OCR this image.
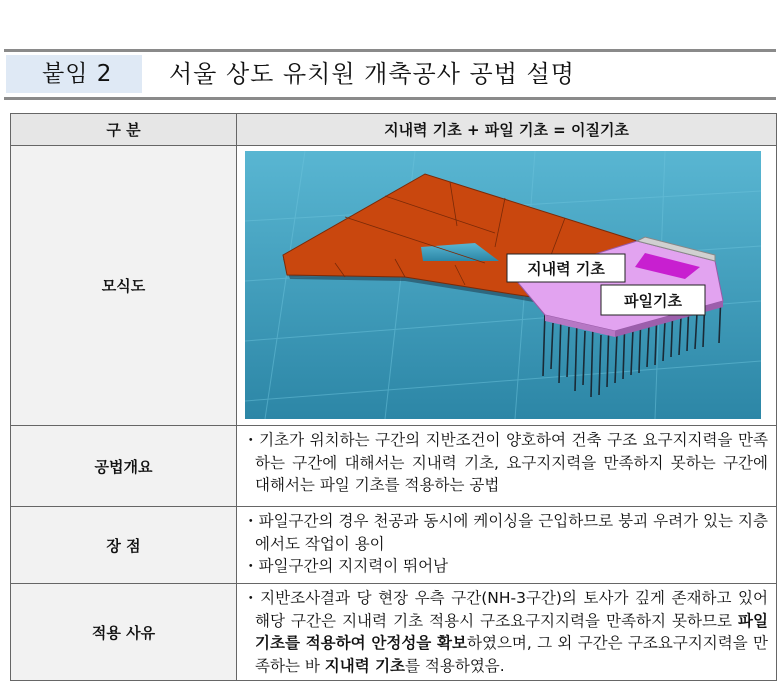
붙임 2	서울 상도 유치원 개축공사 공법 설명
구 분	지내력 기초 + 파일 기초 = 이질기초
모식도	지내력 기초
파일기초

공법개요	・기초가 위치하는 구간의 지반조건이 양호하여 건축 구조 요구지지력을 만족하는 구간에 대해서는 지내력 기초, 요구지지력을 만족하지 못하는 구간에 대해서는 파일 기초를 적용하는 공법

장 점	・파일구간의 경우 천공과 동시에 케이싱을 근입하므로 붕괴 우려가 있는 지층에서도 작업이 용이
・파일구간의 지지력이 뛰어남

적용 사유	・지반조사결과 당 현장 우측 구간(NH-3구간)의 토사가 깊게 존재하고 있어 해당 구간은 지내력 기초 적용시 구조요구지지력을 만족하지 못하므로 파일 기초를 적용하여 안정성을 확보하였으며, 그 외 구간은 구조요구지지력을 만족하는 바 지내력 기초를 적용하였음.
